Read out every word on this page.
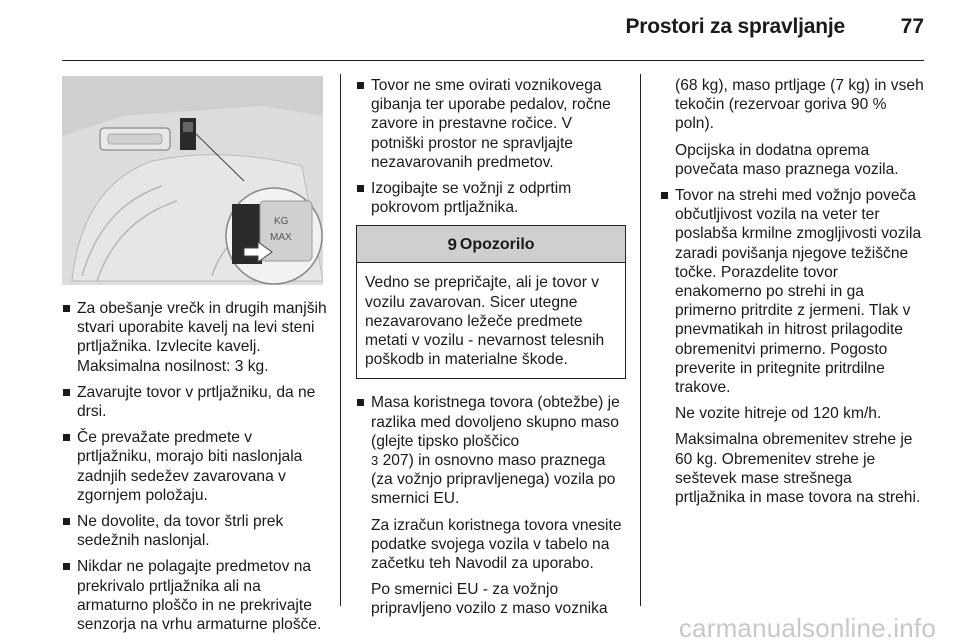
Prostori za spravljanje	77
KG
MAX
Za obešanje vrečk in drugih manjših stvari uporabite kavelj na levi steni prtljažnika. Izvlecite kavelj. Maksimalna nosilnost: 3 kg.
Zavarujte tovor v prtljažniku, da ne drsi.
Če prevažate predmete v prtljažniku, morajo biti naslonjala zadnjih sedežev zavarovana v zgornjem položaju.
Ne dovolite, da tovor štrli prek sedežnih naslonjal.
Nikdar ne polagajte predmetov na prekrivalo prtljažnika ali na armaturno ploščo in ne prekrivajte senzorja na vrhu armaturne plošče.
Tovor ne sme ovirati voznikovega gibanja ter uporabe pedalov, ročne zavore in prestavne ročice. V potniški prostor ne spravljajte nezavarovanih predmetov.
Izogibajte se vožnji z odprtim pokrovom prtljažnika.
9 Opozorilo
Vedno se prepričajte, ali je tovor v vozilu zavarovan. Sicer utegne nezavarovano ležeče predmete metati v vozilu - nevarnost telesnih poškodb in materialne škode.
Masa koristnega tovora (obtežbe) je razlika med dovoljeno skupno maso (glejte tipsko ploščico
3 207) in osnovno maso praznega (za vožnjo pripravljenega) vozila po smernici EU.
Za izračun koristnega tovora vnesite podatke svojega vozila v tabelo na začetku teh Navodil za uporabo.
Po smernici EU - za vožnjo pripravljeno vozilo z maso voznika
(68 kg), maso prtljage (7 kg) in vseh tekočin (rezervoar goriva 90 % poln).
Opcijska in dodatna oprema povečata maso praznega vozila.
Tovor na strehi med vožnjo poveča občutljivost vozila na veter ter poslabša krmilne zmogljivosti vozila zaradi povišanja njegove težiščne točke. Porazdelite tovor enakomerno po strehi in ga primerno pritrdite z jermeni. Tlak v pnevmatikah in hitrost prilagodite obremenitvi primerno. Pogosto preverite in pritegnite pritrdilne trakove.
Ne vozite hitreje od 120 km/h.
Maksimalna obremenitev strehe je 60 kg. Obremenitev strehe je seštevek mase strešnega prtljažnika in mase tovora na strehi.
carmanualsonline.info
